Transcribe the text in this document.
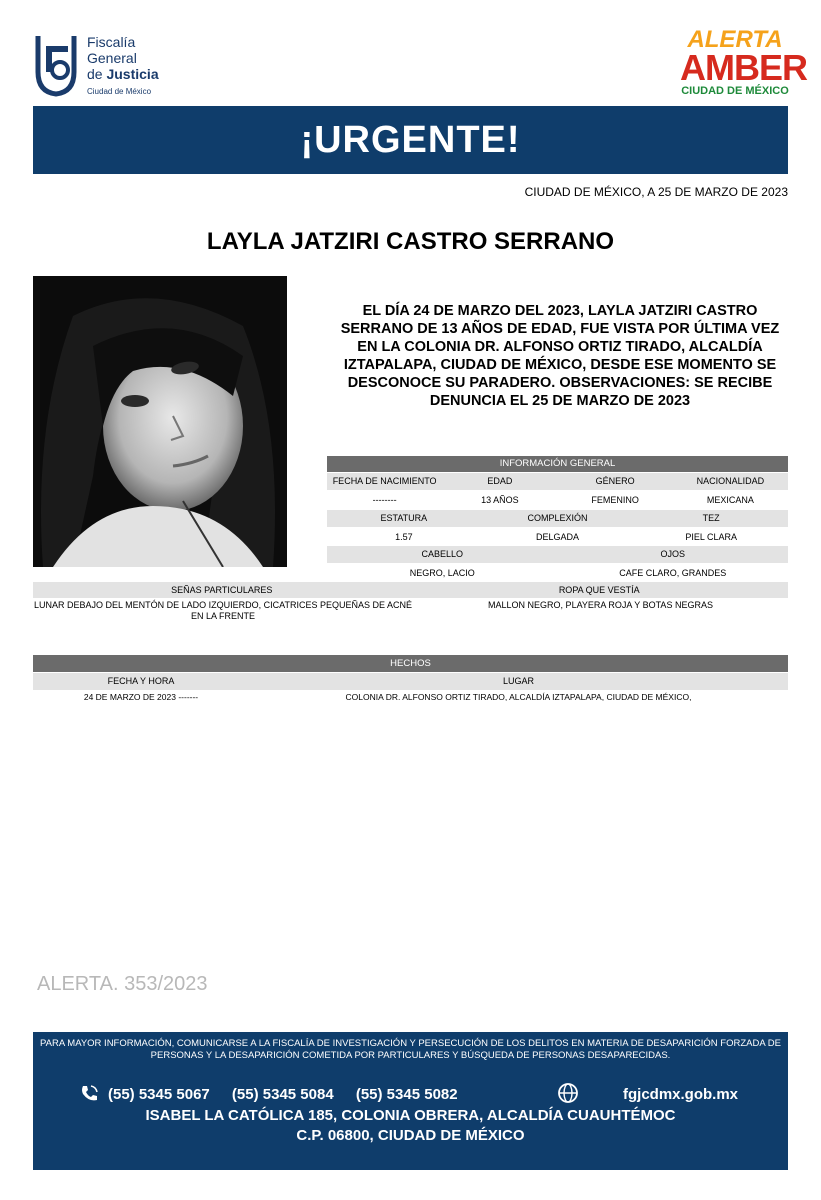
Fiscalía
General
de Justicia
Ciudad de México
ALERTA
AMBER
CIUDAD DE MÉXICO
¡URGENTE!
CIUDAD DE MÉXICO, A 25 DE MARZO DE 2023
LAYLA JATZIRI CASTRO SERRANO
EL DÍA 24 DE MARZO DEL 2023, LAYLA JATZIRI CASTRO SERRANO DE 13 AÑOS DE EDAD, FUE VISTA POR ÚLTIMA VEZ EN LA COLONIA DR. ALFONSO ORTIZ TIRADO, ALCALDÍA IZTAPALAPA, CIUDAD DE MÉXICO, DESDE ESE MOMENTO SE DESCONOCE SU PARADERO. OBSERVACIONES: SE RECIBE DENUNCIA EL 25 DE MARZO DE 2023
INFORMACIÓN GENERAL
FECHA DE NACIMIENTO	EDAD	GÉNERO	NACIONALIDAD
--------	13 AÑOS	FEMENINO	MEXICANA
ESTATURA	COMPLEXIÓN	TEZ
1.57	DELGADA	PIEL CLARA
CABELLO	OJOS
NEGRO, LACIO	CAFE CLARO, GRANDES
SEÑAS PARTICULARES	ROPA QUE VESTÍA
LUNAR DEBAJO DEL MENTÓN DE LADO IZQUIERDO, CICATRICES PEQUEÑAS DE ACNÉ EN LA FRENTE
MALLON NEGRO, PLAYERA ROJA Y BOTAS NEGRAS
HECHOS
FECHA Y HORA	LUGAR
24 DE MARZO DE 2023 -------	COLONIA DR. ALFONSO ORTIZ TIRADO, ALCALDÍA IZTAPALAPA, CIUDAD DE MÉXICO,
ALERTA. 353/2023
PARA MAYOR INFORMACIÓN, COMUNICARSE A LA FISCALÍA DE INVESTIGACIÓN Y PERSECUCIÓN DE LOS DELITOS EN MATERIA DE DESAPARICIÓN FORZADA DE PERSONAS Y LA DESAPARICIÓN COMETIDA POR PARTICULARES Y BÚSQUEDA DE PERSONAS DESAPARECIDAS.
(55) 5345 5067 (55) 5345 5084 (55) 5345 5082	fgjcdmx.gob.mx
ISABEL LA CATÓLICA 185, COLONIA OBRERA, ALCALDÍA CUAUHTÉMOC
C.P. 06800, CIUDAD DE MÉXICO
